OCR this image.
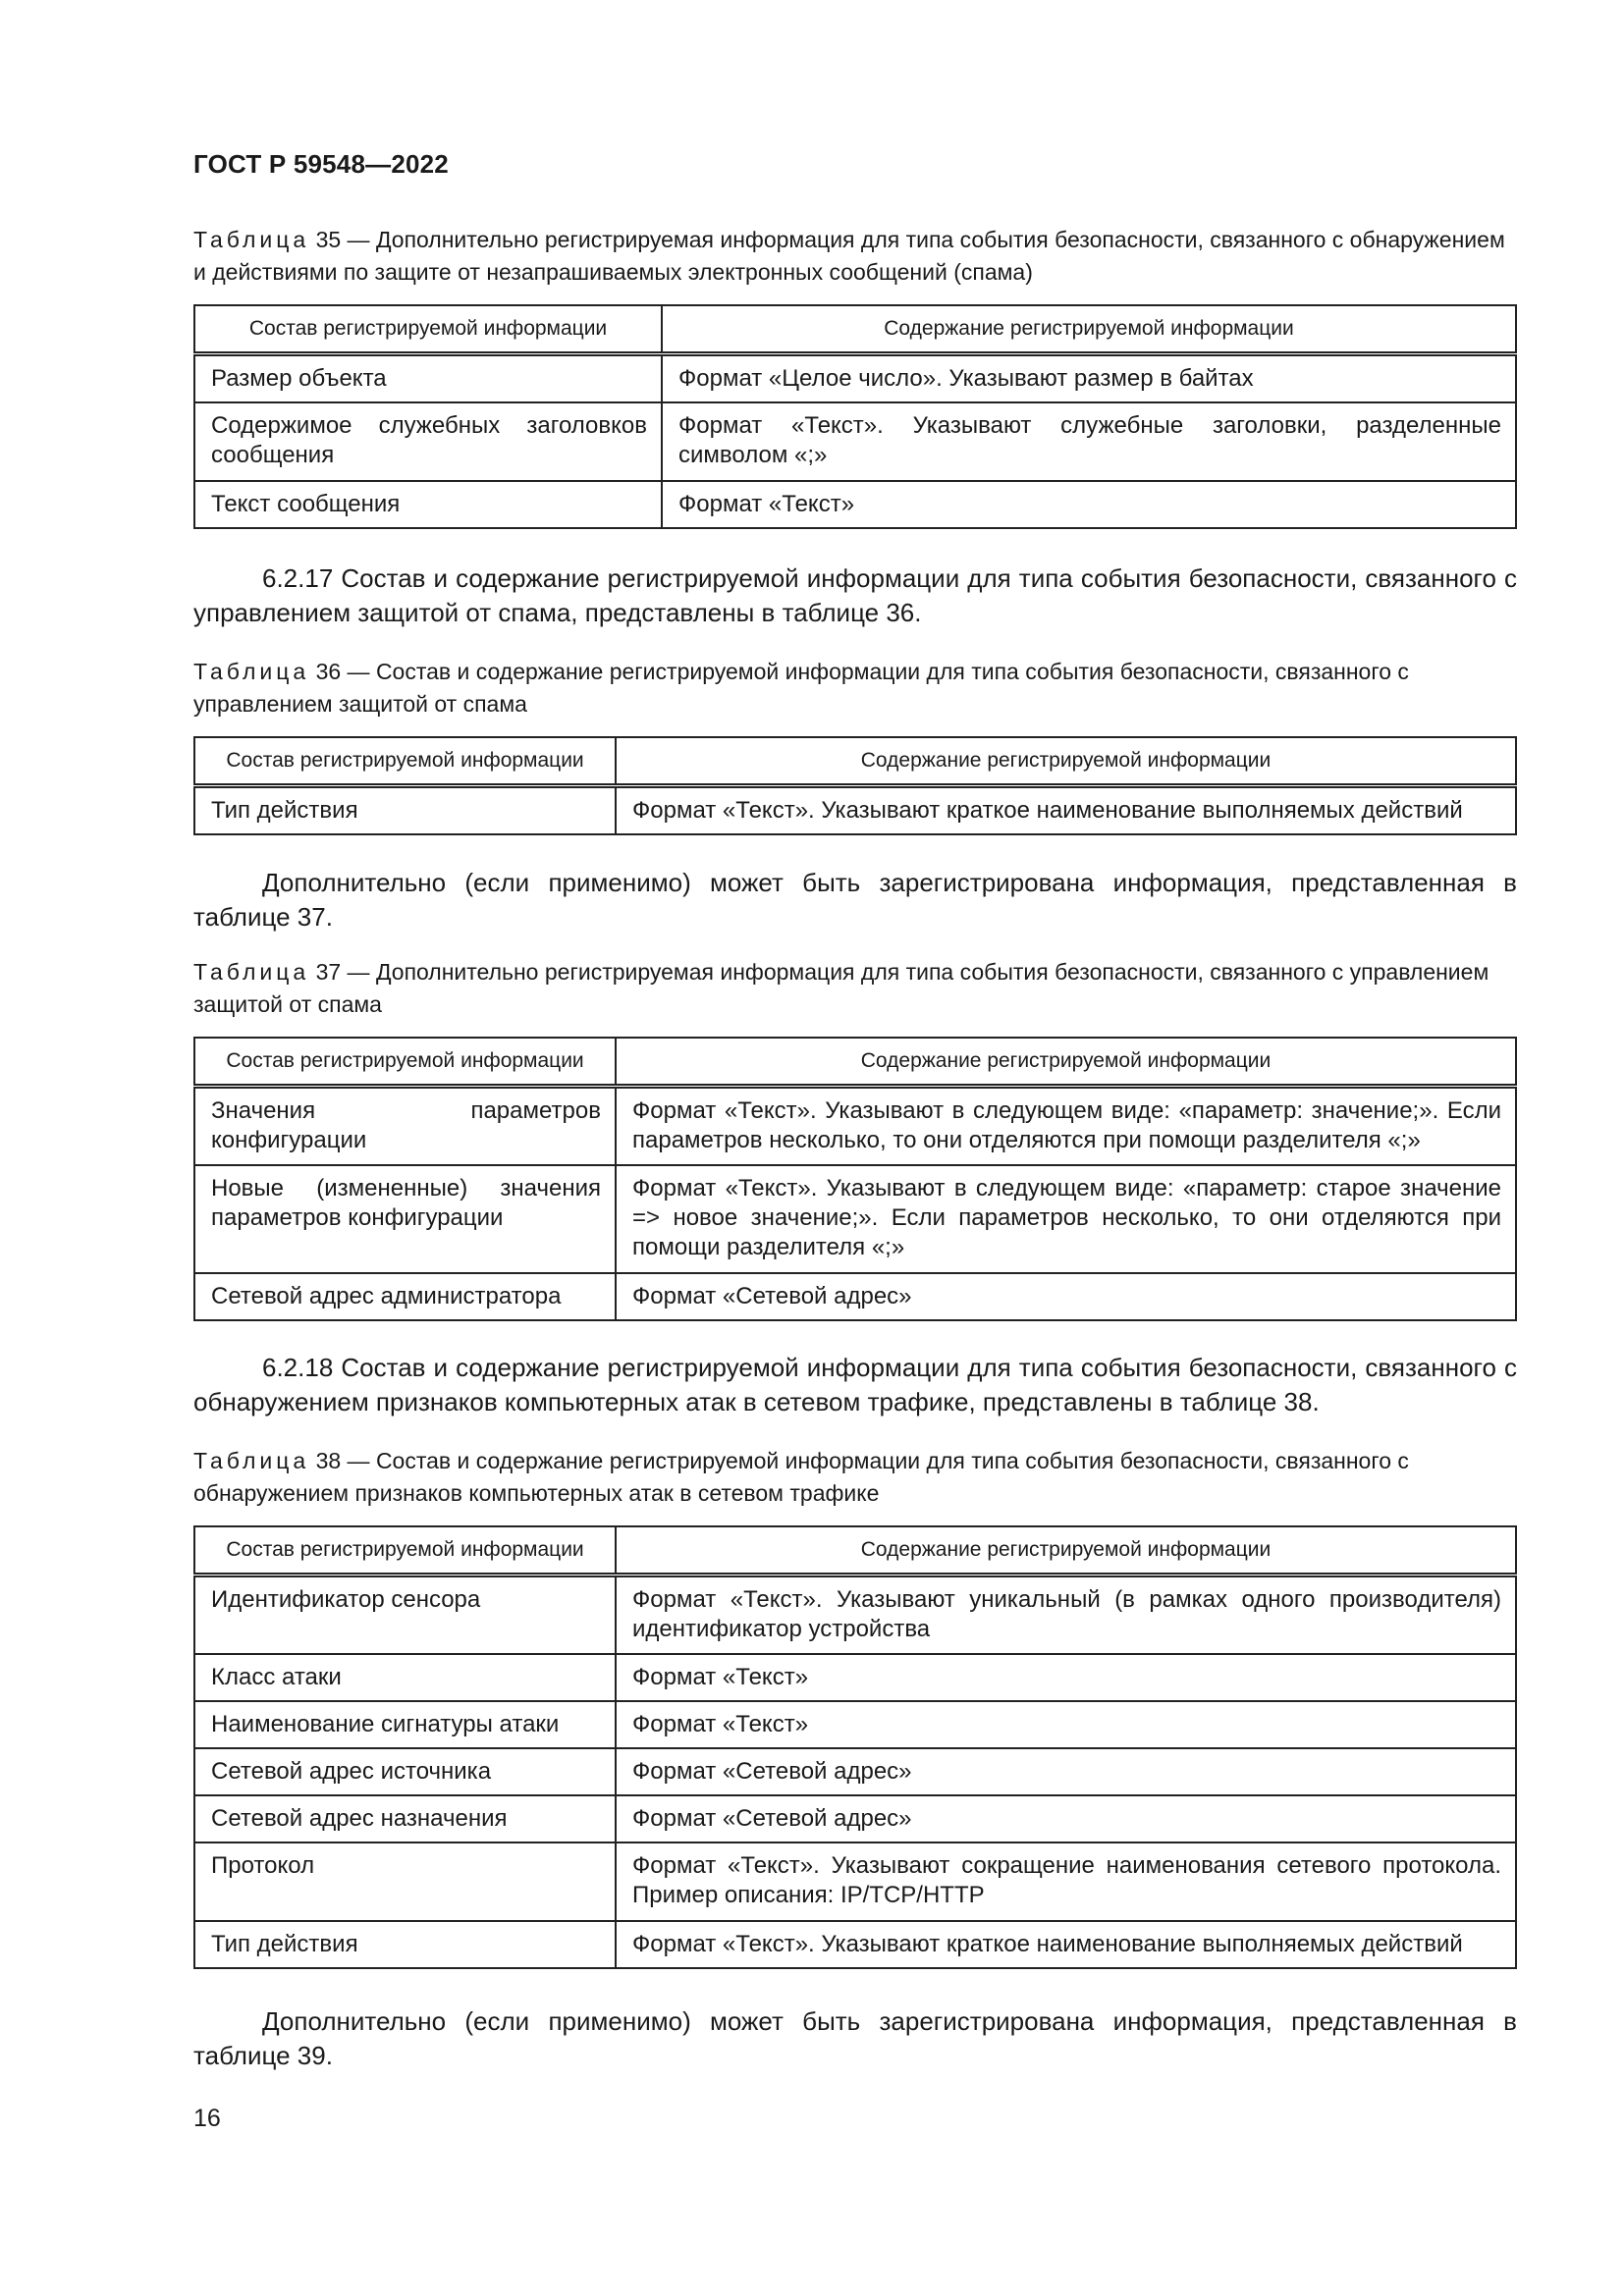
ГОСТ Р 59548—2022
Таблица 35 — Дополнительно регистрируемая информация для типа события безопасности, связанного с обнаружением и действиями по защите от незапрашиваемых электронных сообщений (спама)
Состав регистрируемой информации	Содержание регистрируемой информации
Размер объекта	Формат «Целое число». Указывают размер в байтах
Содержимое служебных заголовков сообщения	Формат «Текст». Указывают служебные заголовки, разделенные символом «;»
Текст сообщения	Формат «Текст»
6.2.17 Состав и содержание регистрируемой информации для типа события безопасности, связанного с управлением защитой от спама, представлены в таблице 36.
Таблица 36 — Состав и содержание регистрируемой информации для типа события безопасности, связанного с управлением защитой от спама
Состав регистрируемой информации	Содержание регистрируемой информации
Тип действия	Формат «Текст». Указывают краткое наименование выполняемых действий
Дополнительно (если применимо) может быть зарегистрирована информация, представленная в таблице 37.
Таблица 37 — Дополнительно регистрируемая информация для типа события безопасности, связанного с управлением защитой от спама
Состав регистрируемой информации	Содержание регистрируемой информации
Значения параметров конфигурации	Формат «Текст». Указывают в следующем виде: «параметр: значение;». Если параметров несколько, то они отделяются при помощи разделителя «;»
Новые (измененные) значения параметров конфигурации	Формат «Текст». Указывают в следующем виде: «параметр: старое значение => новое значение;». Если параметров несколько, то они отделяются при помощи разделителя «;»
Сетевой адрес администратора	Формат «Сетевой адрес»
6.2.18 Состав и содержание регистрируемой информации для типа события безопасности, связанного с обнаружением признаков компьютерных атак в сетевом трафике, представлены в таблице 38.
Таблица 38 — Состав и содержание регистрируемой информации для типа события безопасности, связанного с обнаружением признаков компьютерных атак в сетевом трафике
Состав регистрируемой информации	Содержание регистрируемой информации
Идентификатор сенсора	Формат «Текст». Указывают уникальный (в рамках одного производителя) идентификатор устройства
Класс атаки	Формат «Текст»
Наименование сигнатуры атаки	Формат «Текст»
Сетевой адрес источника	Формат «Сетевой адрес»
Сетевой адрес назначения	Формат «Сетевой адрес»
Протокол	Формат «Текст». Указывают сокращение наименования сетевого протокола. Пример описания: IP/TCP/HTTP
Тип действия	Формат «Текст». Указывают краткое наименование выполняемых действий
Дополнительно (если применимо) может быть зарегистрирована информация, представленная в таблице 39.
16
